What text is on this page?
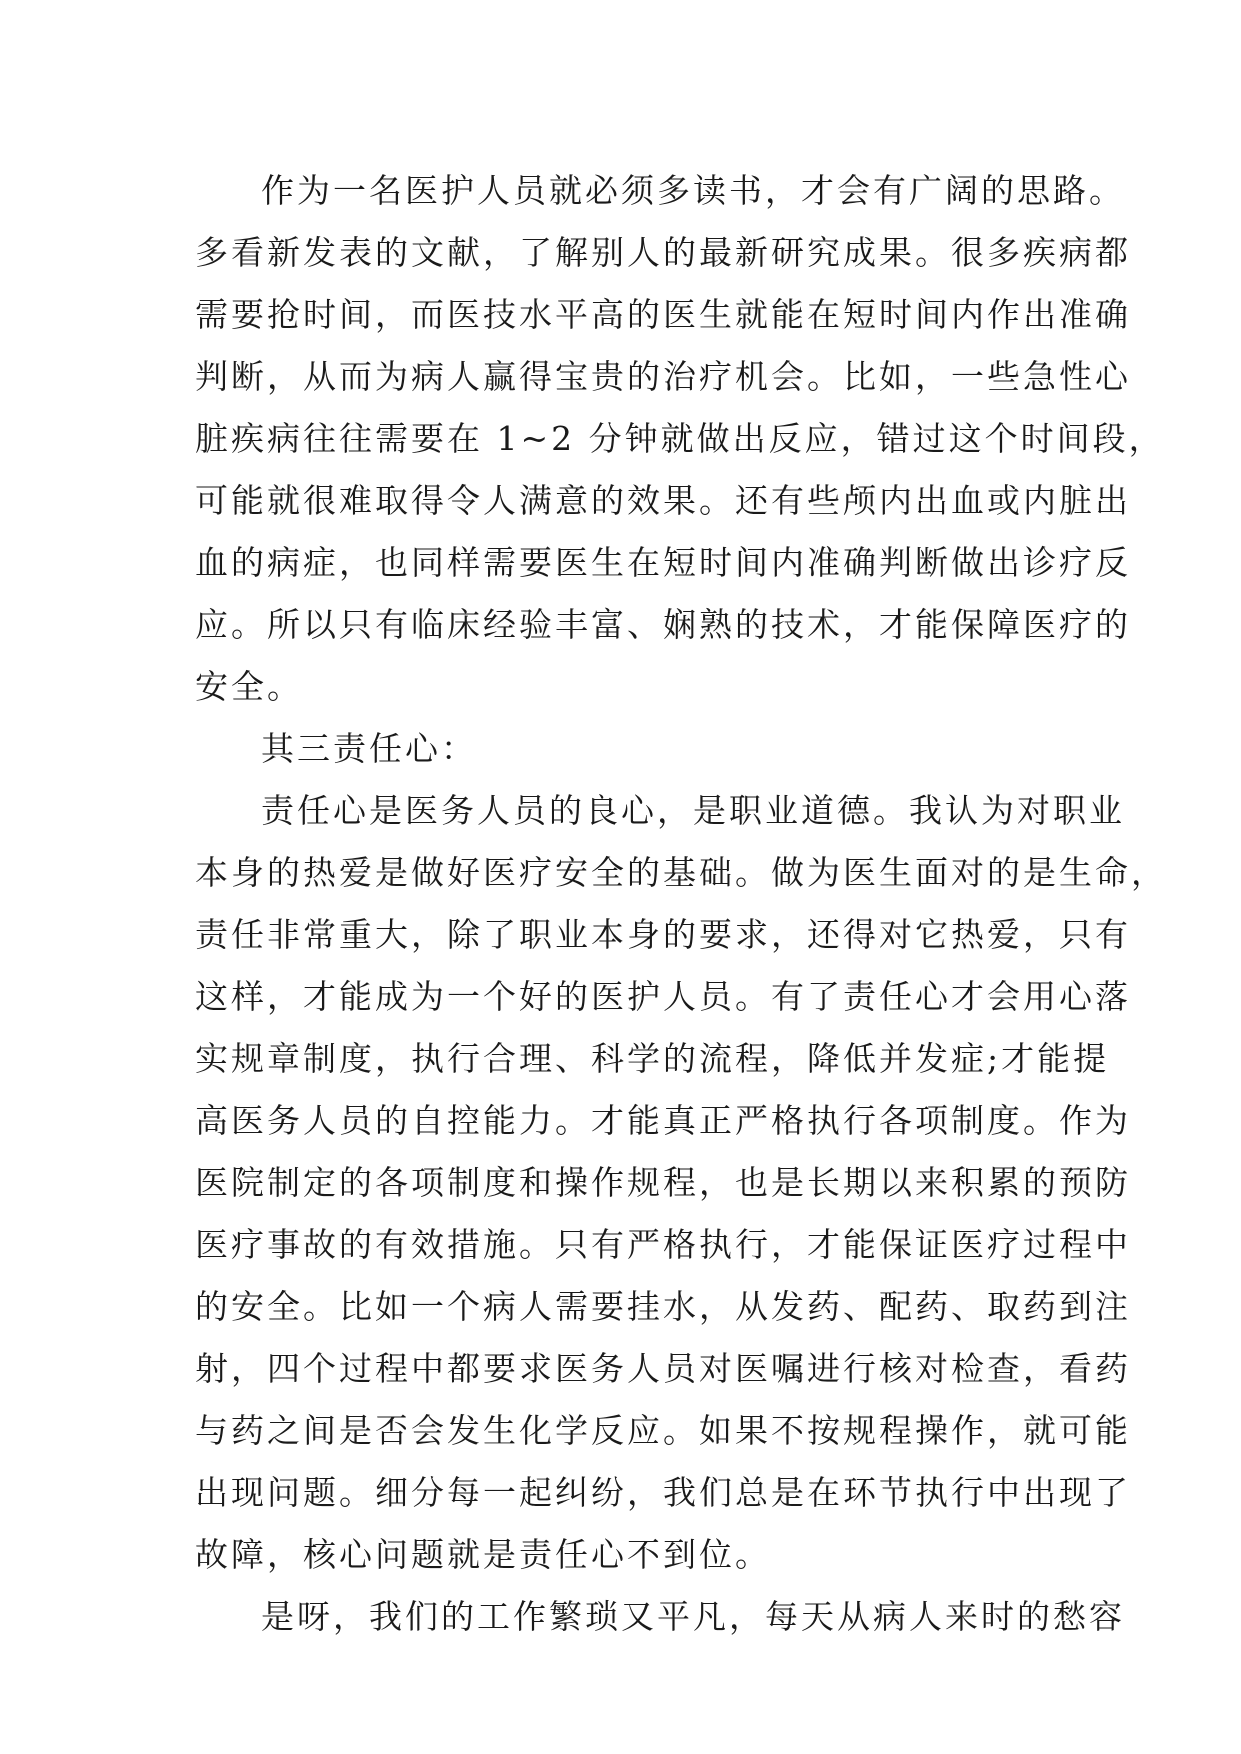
作为一名医护人员就必须多读书，才会有广阔的思路。
多看新发表的文献，了解别人的最新研究成果。很多疾病都
需要抢时间，而医技水平高的医生就能在短时间内作出准确
判断，从而为病人赢得宝贵的治疗机会。比如，一些急性心
脏疾病往往需要在 1~2 分钟就做出反应，错过这个时间段，
可能就很难取得令人满意的效果。还有些颅内出血或内脏出
血的病症，也同样需要医生在短时间内准确判断做出诊疗反
应。所以只有临床经验丰富、娴熟的技术，才能保障医疗的
安全。
其三责任心：
责任心是医务人员的良心，是职业道德。我认为对职业
本身的热爱是做好医疗安全的基础。做为医生面对的是生命，
责任非常重大，除了职业本身的要求，还得对它热爱，只有
这样，才能成为一个好的医护人员。有了责任心才会用心落
实规章制度，执行合理、科学的流程，降低并发症;才能提
高医务人员的自控能力。才能真正严格执行各项制度。作为
医院制定的各项制度和操作规程，也是长期以来积累的预防
医疗事故的有效措施。只有严格执行，才能保证医疗过程中
的安全。比如一个病人需要挂水，从发药、配药、取药到注
射，四个过程中都要求医务人员对医嘱进行核对检查，看药
与药之间是否会发生化学反应。如果不按规程操作，就可能
出现问题。细分每一起纠纷，我们总是在环节执行中出现了
故障，核心问题就是责任心不到位。
是呀，我们的工作繁琐又平凡，每天从病人来时的愁容
